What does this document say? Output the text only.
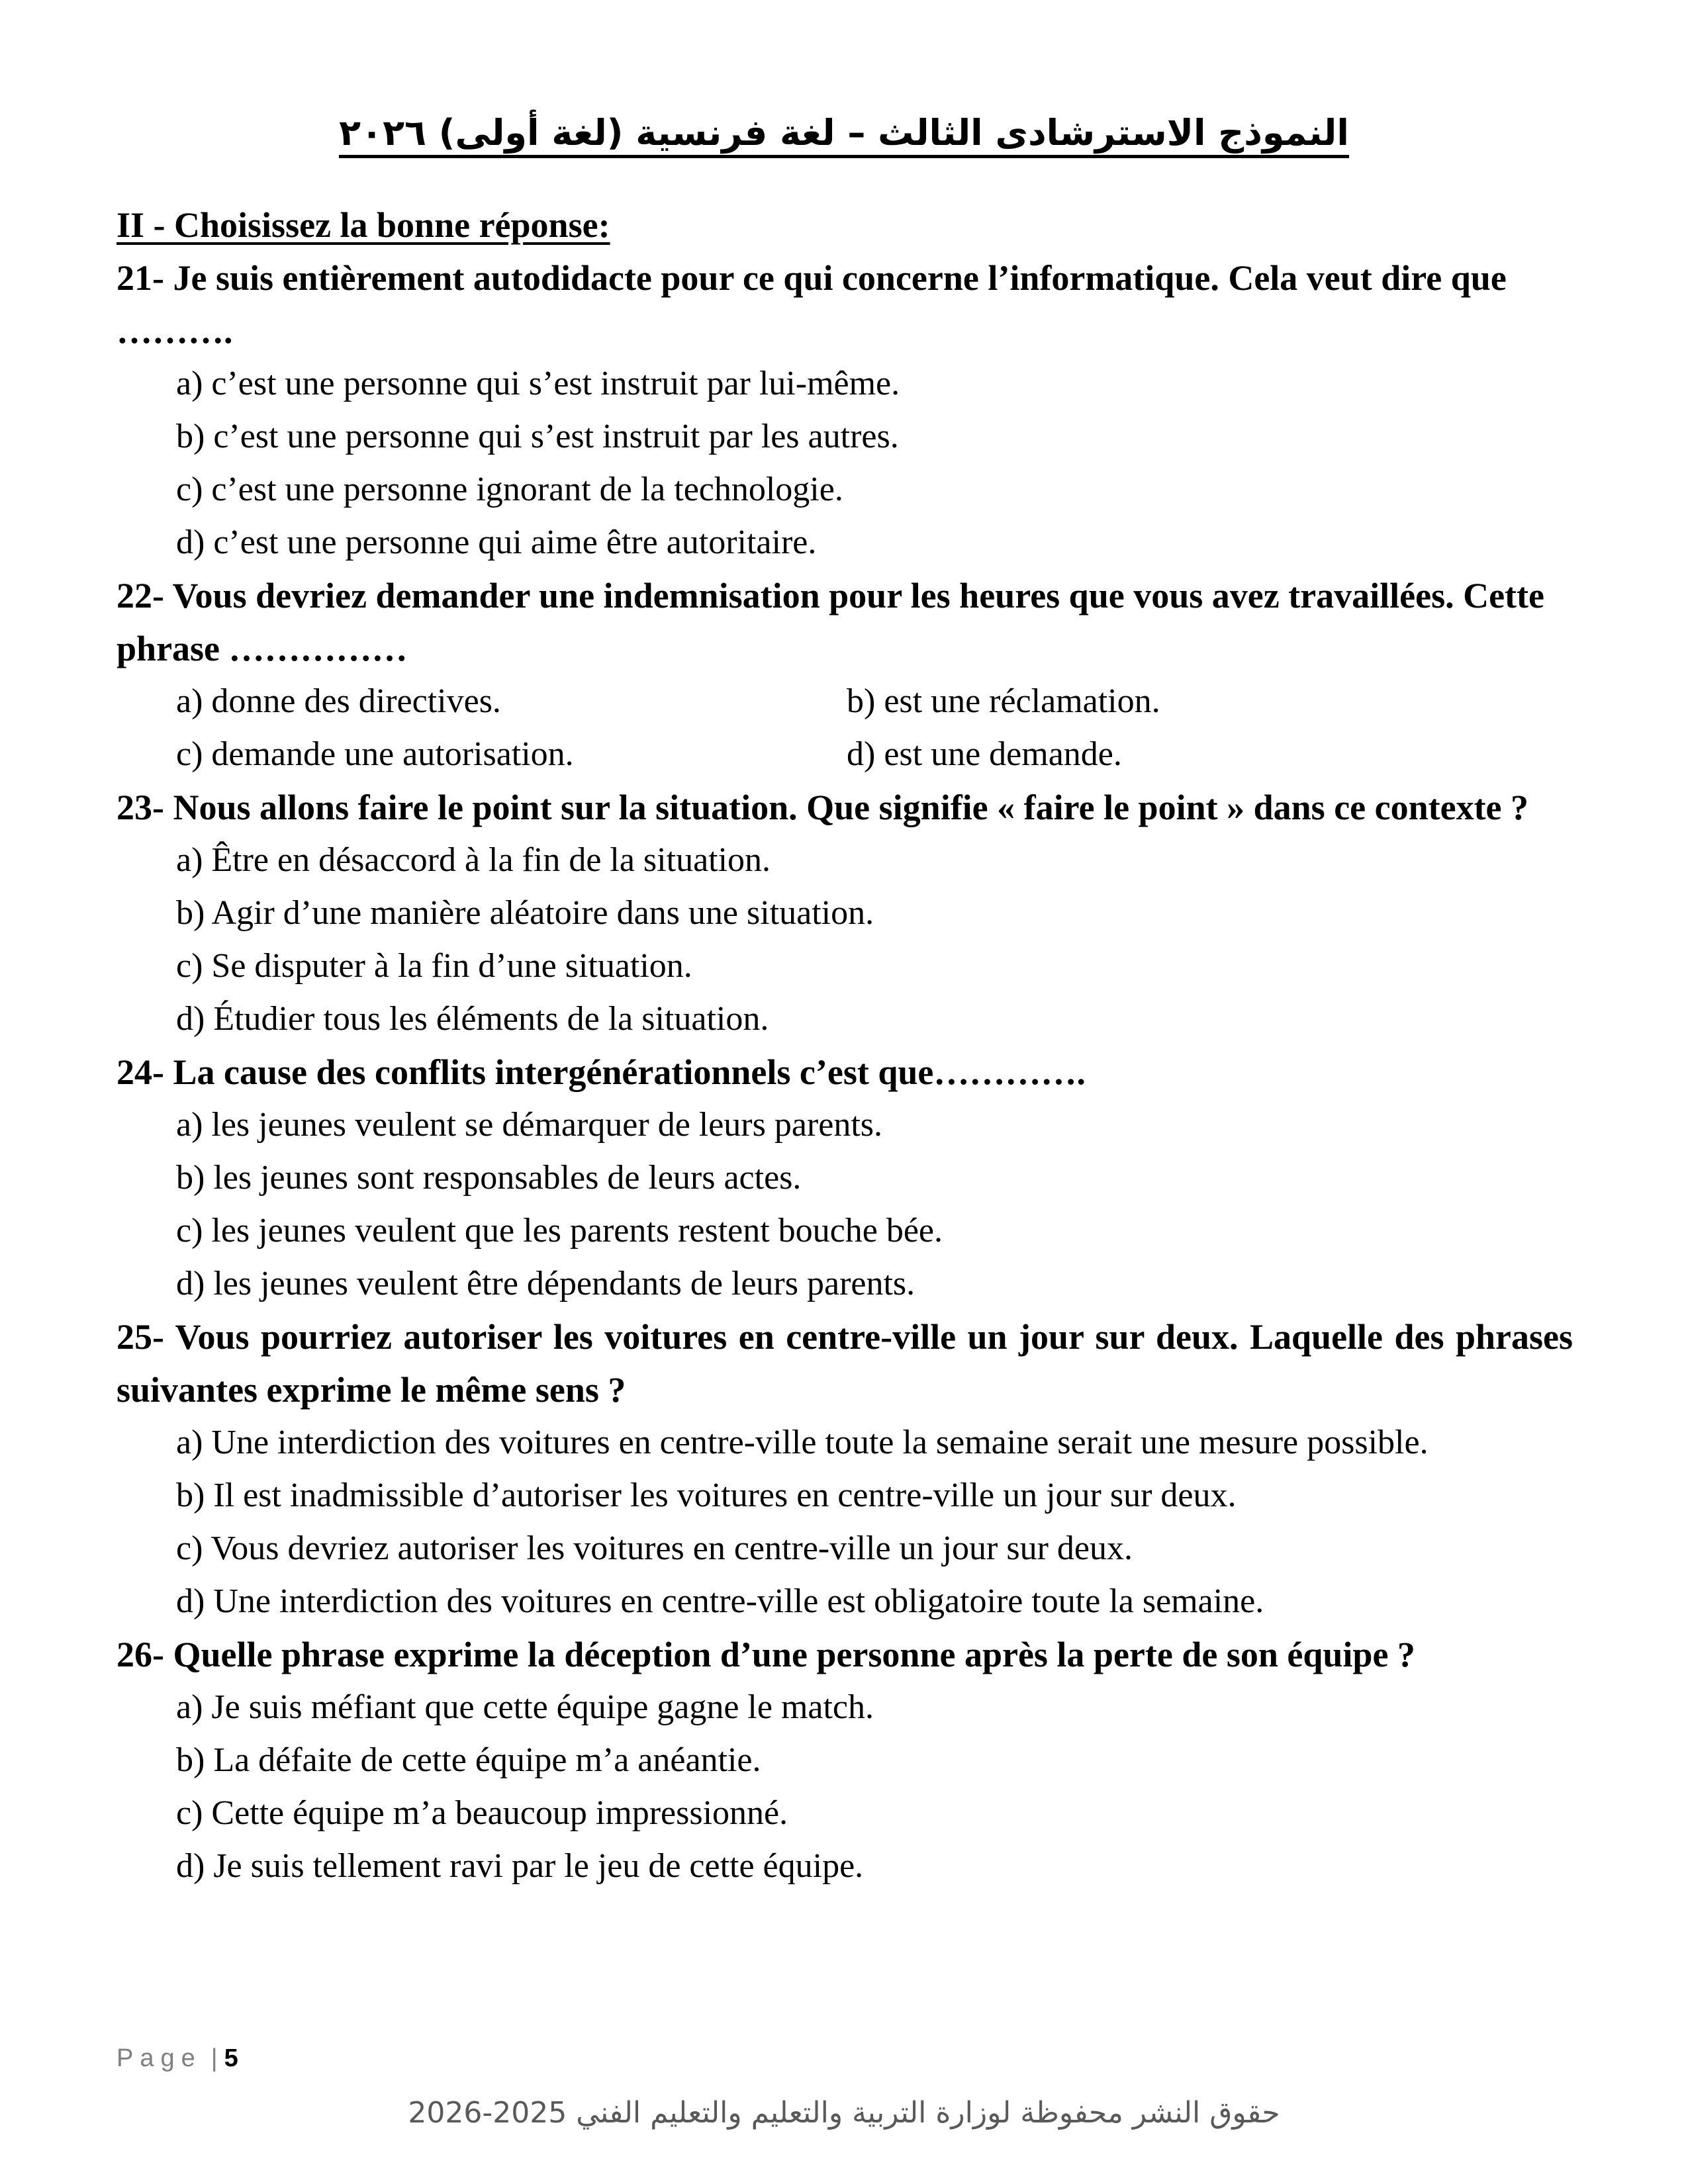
النموذج الاسترشادى الثالث – لغة فرنسية (لغة أولى) ٢٠٢٦
II - Choisissez la bonne réponse:
21- Je suis entièrement autodidacte pour ce qui concerne l’informatique. Cela veut dire que ……….
a) c’est une personne qui s’est instruit par lui-même.
b) c’est une personne qui s’est instruit par les autres.
c) c’est une personne ignorant de la technologie.
d) c’est une personne qui aime être autoritaire.
22- Vous devriez demander une indemnisation pour les heures que vous avez travaillées. Cette phrase ……………
a) donne des directives.	b) est une réclamation.
c) demande une autorisation.	d) est une demande.
23- Nous allons faire le point sur la situation. Que signifie « faire le point » dans ce contexte ?
a) Être en désaccord à la fin de la situation.
b) Agir d’une manière aléatoire dans une situation.
c) Se disputer à la fin d’une situation.
d) Étudier tous les éléments de la situation.
24- La cause des conflits intergénérationnels c’est que………….
a) les jeunes veulent se démarquer de leurs parents.
b) les jeunes sont responsables de leurs actes.
c) les jeunes veulent que les parents restent bouche bée.
d) les jeunes veulent être dépendants de leurs parents.
25- Vous pourriez autoriser les voitures en centre-ville un jour sur deux. Laquelle des phrases suivantes exprime le même sens ?
a) Une interdiction des voitures en centre-ville toute la semaine serait une mesure possible.
b) Il est inadmissible d’autoriser les voitures en centre-ville un jour sur deux.
c) Vous devriez autoriser les voitures en centre-ville un jour sur deux.
d) Une interdiction des voitures en centre-ville est obligatoire toute la semaine.
26- Quelle phrase exprime la déception d’une personne après la perte de son équipe ?
a) Je suis méfiant que cette équipe gagne le match.
b) La défaite de cette équipe m’a anéantie.
c) Cette équipe m’a beaucoup impressionné.
d) Je suis tellement ravi par le jeu de cette équipe.
Page | 5
حقوق النشر محفوظة لوزارة التربية والتعليم والتعليم الفني 2025-2026
